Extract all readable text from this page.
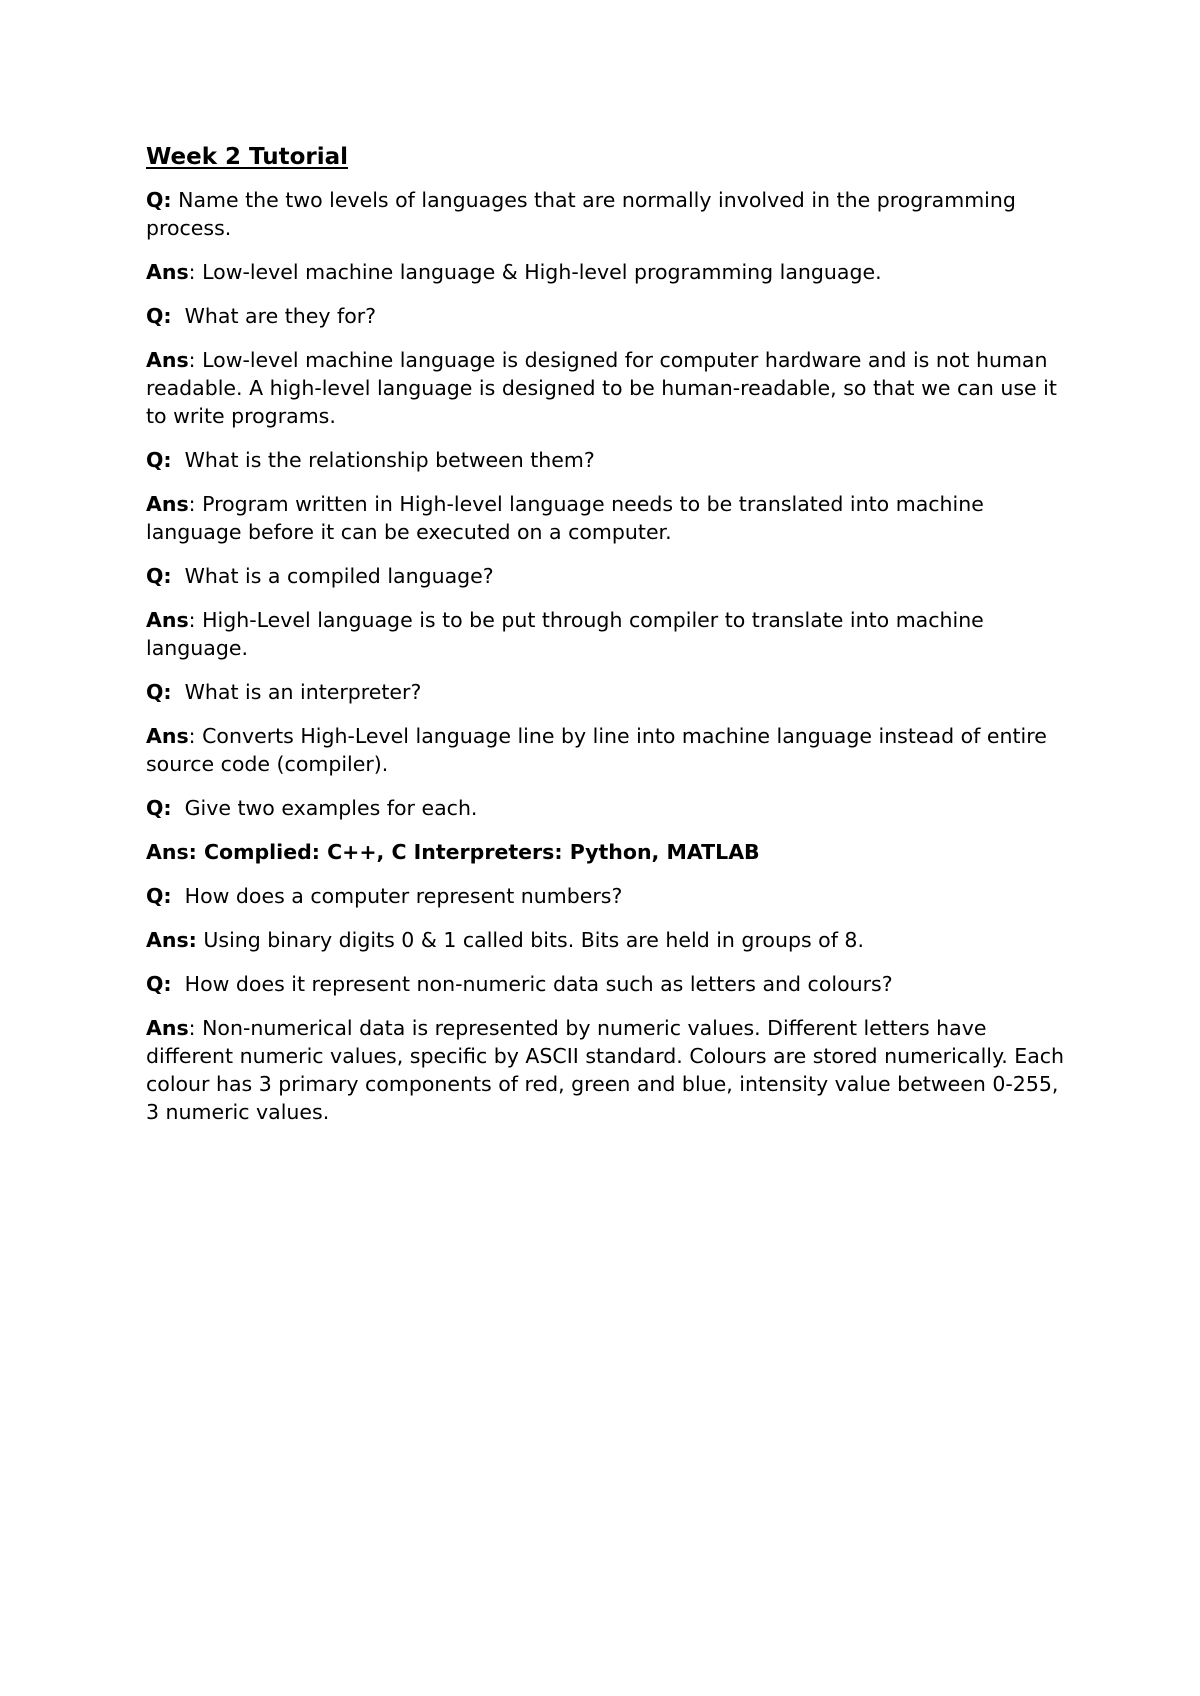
Week 2 Tutorial
Q: Name the two levels of languages that are normally involved in the programming process.
Ans: Low-level machine language & High-level programming language.
Q:  What are they for?
Ans: Low-level machine language is designed for computer hardware and is not human readable. A high-level language is designed to be human-readable, so that we can use it to write programs.
Q:  What is the relationship between them?
Ans: Program written in High-level language needs to be translated into machine language before it can be executed on a computer.
Q:  What is a compiled language?
Ans: High-Level language is to be put through compiler to translate into machine language.
Q:  What is an interpreter?
Ans: Converts High-Level language line by line into machine language instead of entire source code (compiler).
Q:  Give two examples for each.
Ans: Complied: C++, C Interpreters: Python, MATLAB
Q:  How does a computer represent numbers?
Ans: Using binary digits 0 & 1 called bits. Bits are held in groups of 8.
Q:  How does it represent non-numeric data such as letters and colours?
Ans: Non-numerical data is represented by numeric values. Different letters have different numeric values, specific by ASCII standard. Colours are stored numerically. Each colour has 3 primary components of red, green and blue, intensity value between 0-255, 3 numeric values.
